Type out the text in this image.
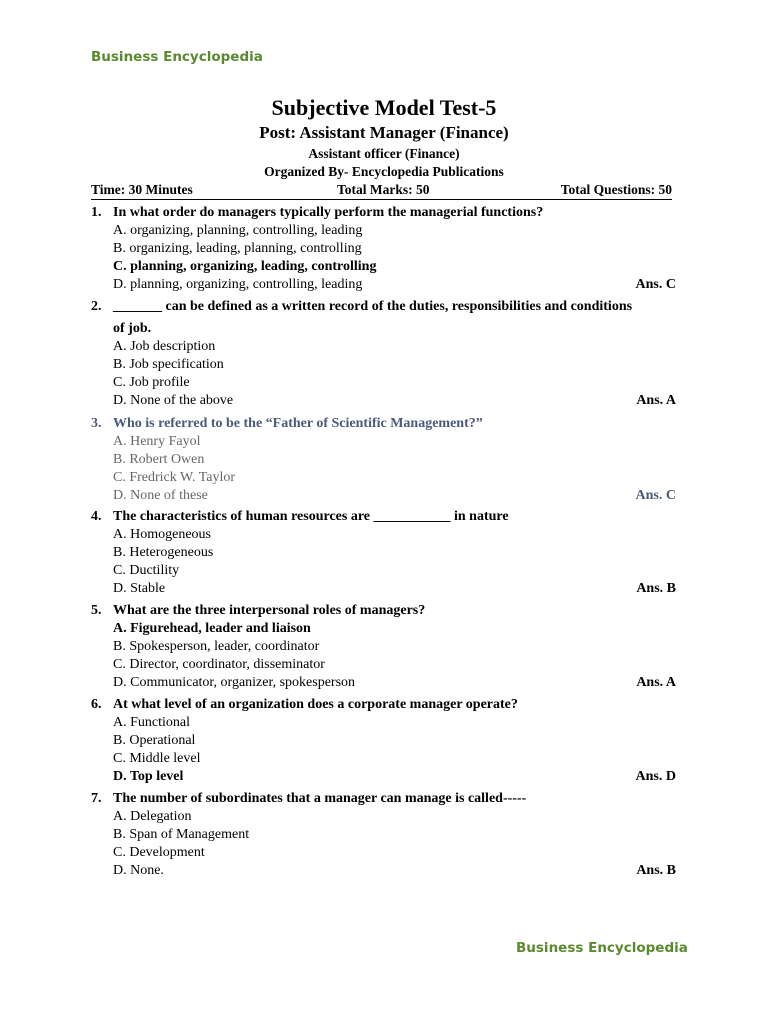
Business Encyclopedia
Subjective Model Test-5
Post: Assistant Manager (Finance)
Assistant officer (Finance)
Organized By- Encyclopedia Publications
Time: 30 Minutes	Total Marks: 50	Total Questions: 50
1. In what order do managers typically perform the managerial functions?
A. organizing, planning, controlling, leading
B. organizing, leading, planning, controlling
C. planning, organizing, leading, controlling
D. planning, organizing, controlling, leading	Ans. C
2. _______ can be defined as a written record of the duties, responsibilities and conditions
of job.
A. Job description
B. Job specification
C. Job profile
D. None of the above	Ans. A
3. Who is referred to be the “Father of Scientific Management?”
A. Henry Fayol
B. Robert Owen
C. Fredrick W. Taylor
D. None of these	Ans. C
4. The characteristics of human resources are ___________ in nature
A. Homogeneous
B. Heterogeneous
C. Ductility
D. Stable	Ans. B
5. What are the three interpersonal roles of managers?
A. Figurehead, leader and liaison
B. Spokesperson, leader, coordinator
C. Director, coordinator, disseminator
D. Communicator, organizer, spokesperson	Ans. A
6. At what level of an organization does a corporate manager operate?
A. Functional
B. Operational
C. Middle level
D. Top level	Ans. D
7. The number of subordinates that a manager can manage is called-----
A. Delegation
B. Span of Management
C. Development
D. None.	Ans. B
Business Encyclopedia
